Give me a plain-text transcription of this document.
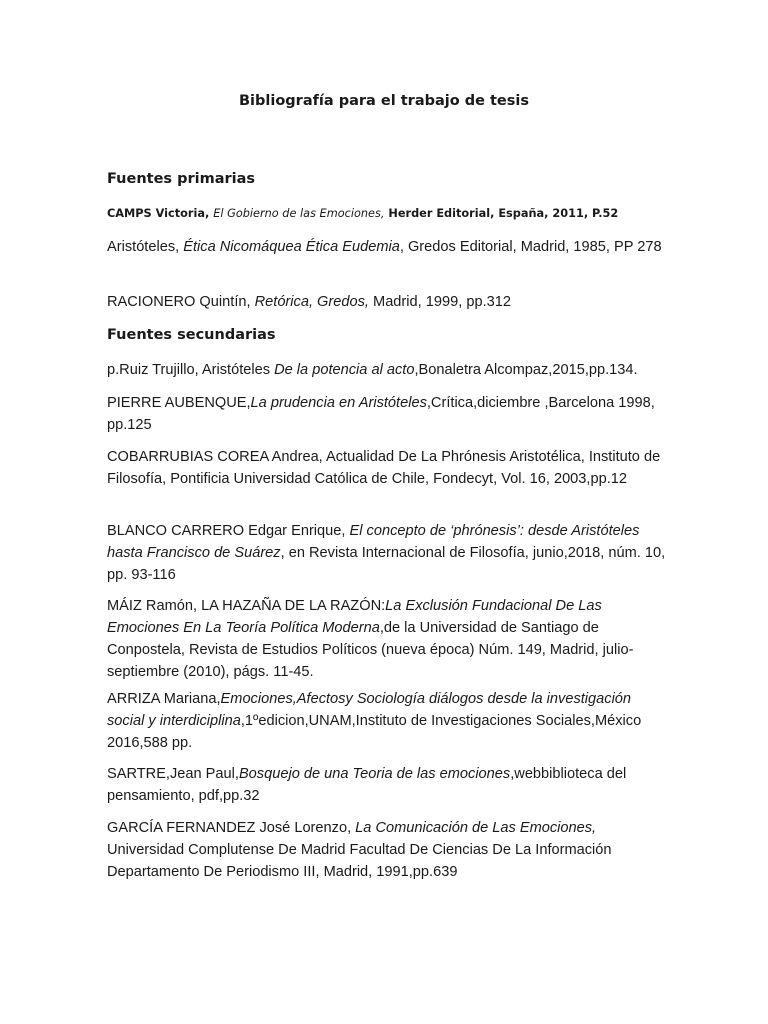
Bibliografía para el trabajo de tesis
Fuentes primarias
CAMPS Victoria, El Gobierno de las Emociones, Herder Editorial, España, 2011, P.52
Aristóteles, Ética Nicomáquea Ética Eudemia, Gredos Editorial, Madrid, 1985, PP 278
RACIONERO Quintín, Retórica, Gredos, Madrid, 1999, pp.312
Fuentes secundarias
p.Ruiz Trujillo, Aristóteles De la potencia al acto,Bonaletra Alcompaz,2015,pp.134.
PIERRE AUBENQUE,La prudencia en Aristóteles,Crítica,diciembre ,Barcelona 1998, pp.125
COBARRUBIAS COREA Andrea, Actualidad De La Phrónesis Aristotélica, Instituto de Filosofía, Pontificia Universidad Católica de Chile, Fondecyt, Vol. 16, 2003,pp.12
BLANCO CARRERO Edgar Enrique, El concepto de ‘phrónesis’: desde Aristóteles hasta Francisco de Suárez, en Revista Internacional de Filosofía, junio,2018, núm. 10, pp. 93-116
MÁIZ Ramón, LA HAZAÑA DE LA RAZÓN:La Exclusión Fundacional De Las Emociones En La Teoría Política Moderna,de la Universidad de Santiago de Conpostela, Revista de Estudios Políticos (nueva época) Núm. 149, Madrid, julio-septiembre (2010), págs. 11-45.
ARRIZA Mariana,Emociones,Afectosy Sociología diálogos desde la investigación social y interdiciplina,1ºedicion,UNAM,Instituto de Investigaciones Sociales,México 2016,588 pp.
SARTRE,Jean Paul,Bosquejo de una Teoria de las emociones,webbiblioteca del pensamiento, pdf,pp.32
GARCÍA FERNANDEZ José Lorenzo, La Comunicación de Las Emociones, Universidad Complutense De Madrid Facultad De Ciencias De La Información Departamento De Periodismo III, Madrid, 1991,pp.639
